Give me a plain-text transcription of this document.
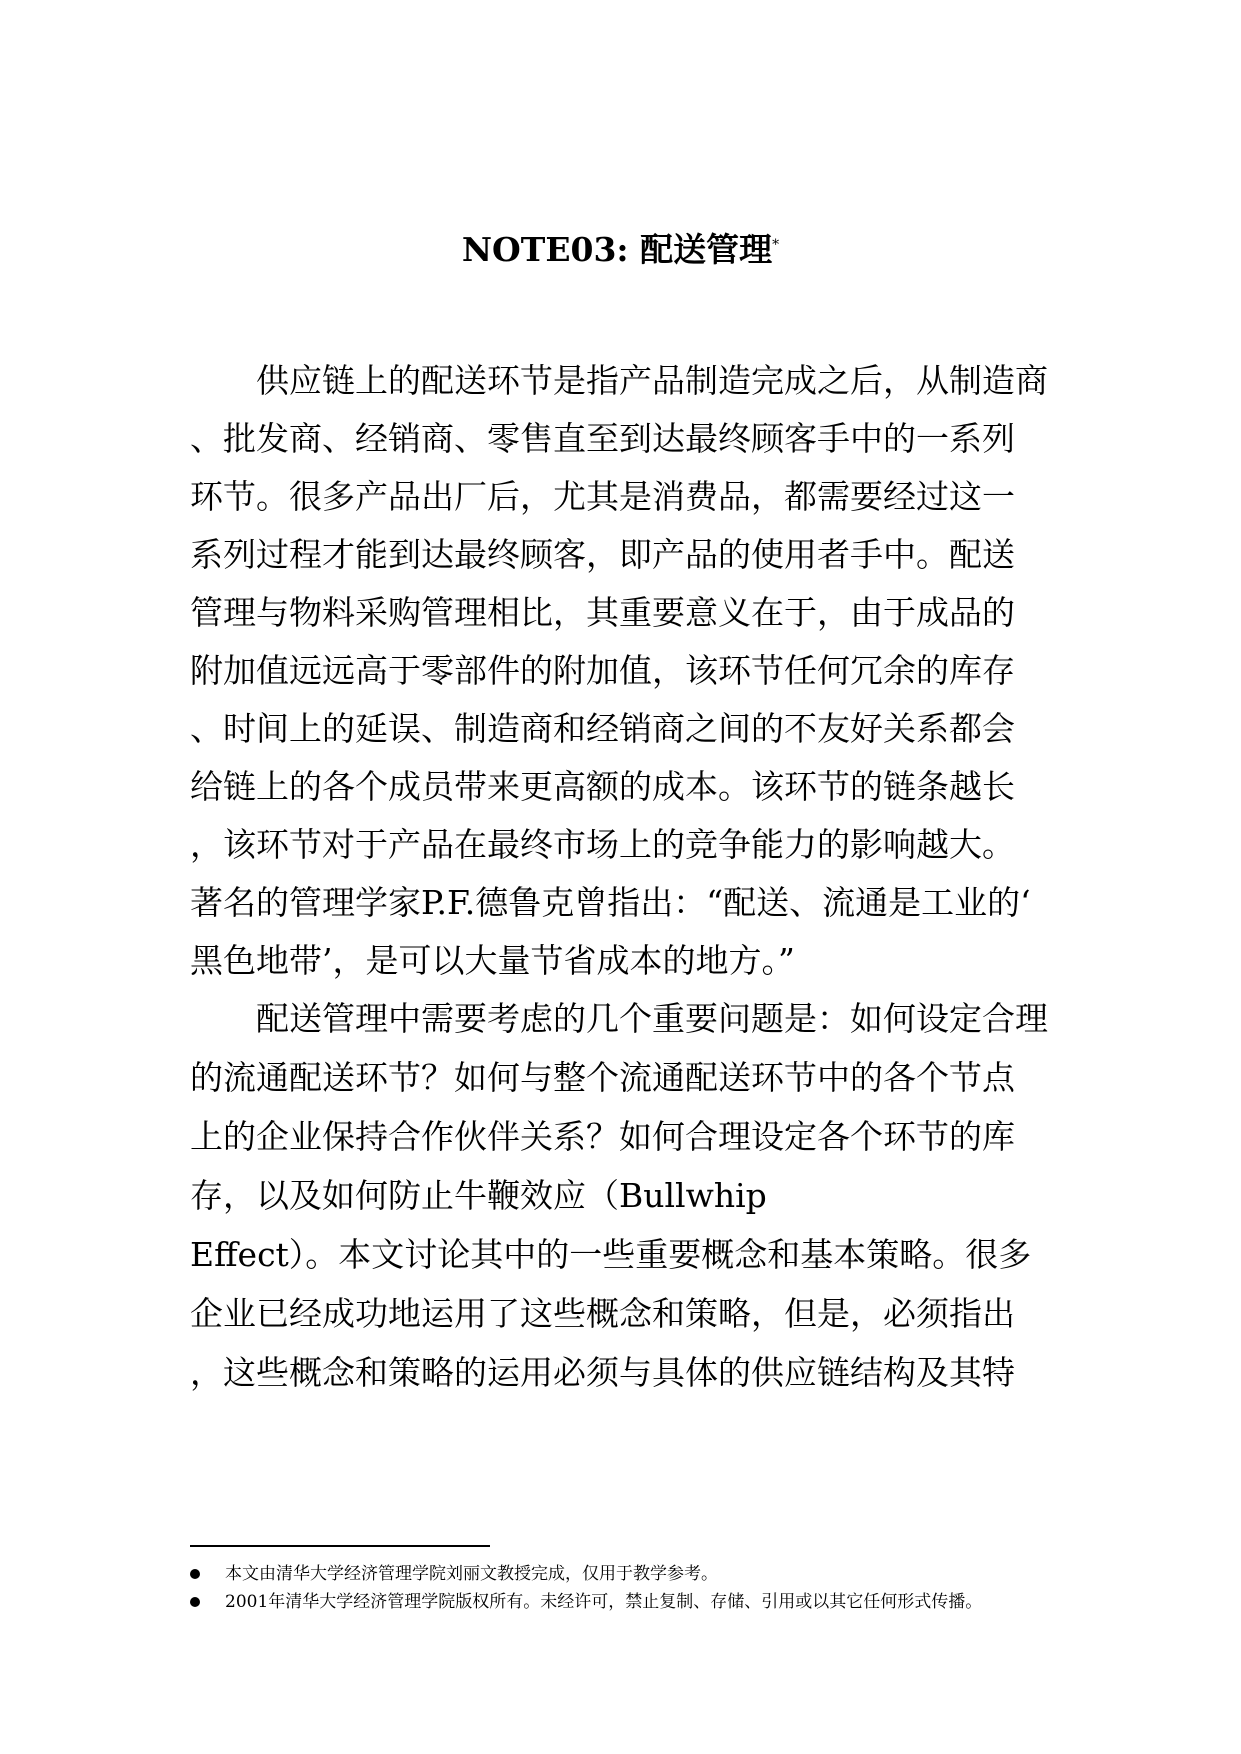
NOTE03: 配送管理*
　　供应链上的配送环节是指产品制造完成之后，从制造商
、批发商、经销商、零售直至到达最终顾客手中的一系列
环节。很多产品出厂后，尤其是消费品，都需要经过这一
系列过程才能到达最终顾客，即产品的使用者手中。配送
管理与物料采购管理相比，其重要意义在于，由于成品的
附加值远远高于零部件的附加值，该环节任何冗余的库存
、时间上的延误、制造商和经销商之间的不友好关系都会
给链上的各个成员带来更高额的成本。该环节的链条越长
，该环节对于产品在最终市场上的竞争能力的影响越大。
著名的管理学家P.F.德鲁克曾指出：“配送、流通是工业的‘
黑色地带’，是可以大量节省成本的地方。”
　　配送管理中需要考虑的几个重要问题是：如何设定合理
的流通配送环节？如何与整个流通配送环节中的各个节点
上的企业保持合作伙伴关系？如何合理设定各个环节的库
存，以及如何防止牛鞭效应（Bullwhip
Effect）。本文讨论其中的一些重要概念和基本策略。很多
企业已经成功地运用了这些概念和策略，但是，必须指出
，这些概念和策略的运用必须与具体的供应链结构及其特
本文由清华大学经济管理学院刘丽文教授完成，仅用于教学参考。
2001年清华大学经济管理学院版权所有。未经许可，禁止复制、存储、引用或以其它任何形式传播。
